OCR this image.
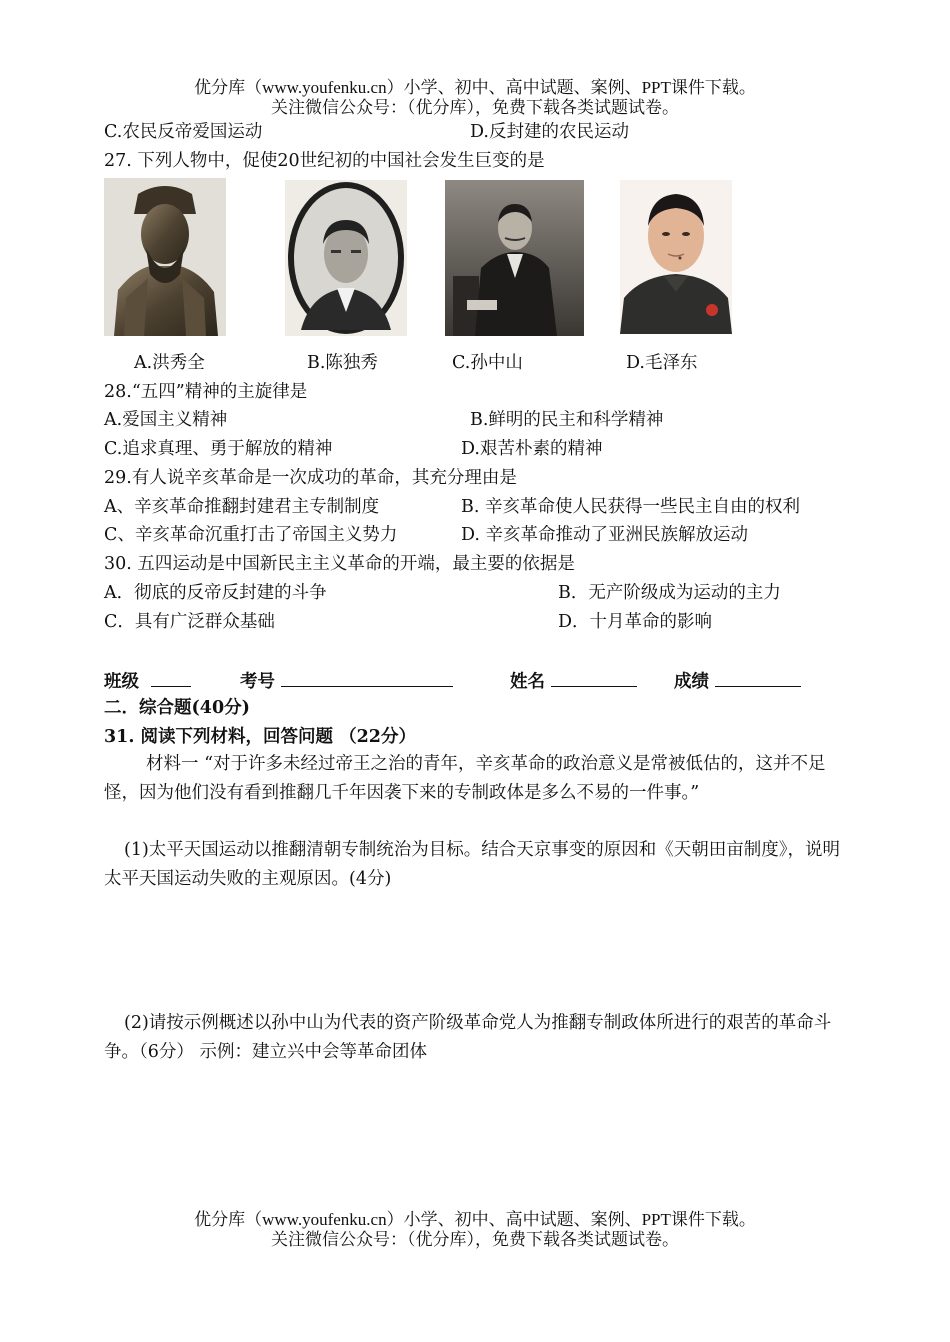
优分库（www.youfenku.cn）小学、初中、高中试题、案例、PPT课件下载。
关注微信公众号：（优分库），免费下载各类试题试卷。
C.农民反帝爱国运动	D.反封建的农民运动
27. 下列人物中，促使20世纪初的中国社会发生巨变的是
A.洪秀全	B.陈独秀	C.孙中山	D.毛泽东
28.“五四”精神的主旋律是
A.爱国主义精神	B.鲜明的民主和科学精神
C.追求真理、勇于解放的精神	D.艰苦朴素的精神
29.有人说辛亥革命是一次成功的革命，其充分理由是
A、辛亥革命推翻封建君主专制制度	B. 辛亥革命使人民获得一些民主自由的权利
C、辛亥革命沉重打击了帝国主义势力	D. 辛亥革命推动了亚洲民族解放运动
30. 五四运动是中国新民主主义革命的开端，最主要的依据是
A．彻底的反帝反封建的斗争	B．无产阶级成为运动的主力
C．具有广泛群众基础	D．十月革命的影响
班级	考号	姓名	成绩
二．综合题(40分)
31. 阅读下列材料，回答问题 （22分）
材料一 “对于许多未经过帝王之治的青年，辛亥革命的政治意义是常被低估的，这并不足怪，因为他们没有看到推翻几千年因袭下来的专制政体是多么不易的一件事。”
(1)太平天国运动以推翻清朝专制统治为目标。结合天京事变的原因和《天朝田亩制度》，说明太平天国运动失败的主观原因。(4分)
(2)请按示例概述以孙中山为代表的资产阶级革命党人为推翻专制政体所进行的艰苦的革命斗争。（6分） 示例：建立兴中会等革命团体
优分库（www.youfenku.cn）小学、初中、高中试题、案例、PPT课件下载。
关注微信公众号：（优分库），免费下载各类试题试卷。
